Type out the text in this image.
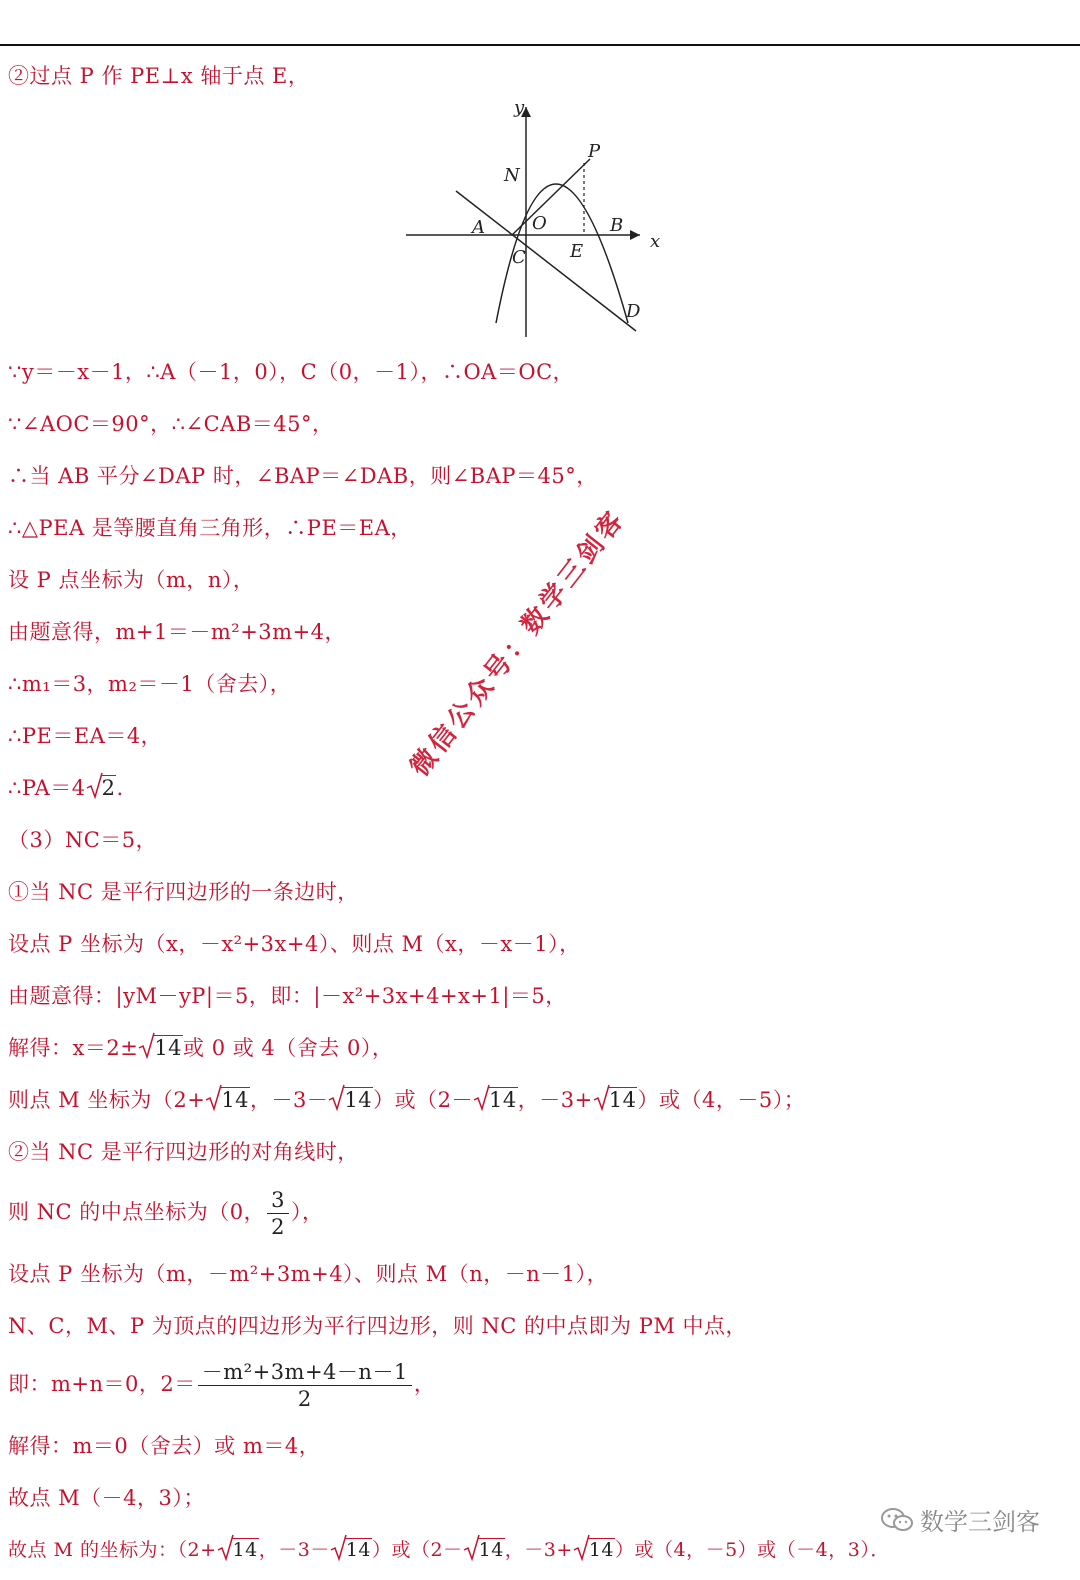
②过点 P 作 PE⊥x 轴于点 E，
y
x
N
P
A	O	B
C E
D
∵y＝－x－1，∴A（－1，0），C（0，－1），∴OA＝OC，
∵∠AOC＝90°，∴∠CAB＝45°，
∴当 AB 平分∠DAP 时，∠BAP＝∠DAB，则∠BAP＝45°，
∴△PEA 是等腰直角三角形，∴PE＝EA，
设 P 点坐标为（m，n），
由题意得，m+1＝－m²+3m+4，
∴m₁＝3，m₂＝－1（舍去），
∴PE＝EA＝4，
∴PA＝4 2.
（3）NC＝5，
①当 NC 是平行四边形的一条边时，
设点 P 坐标为（x，－x²+3x+4）、则点 M（x，－x－1），
由题意得：|yM－yP|＝5，即：|－x²+3x+4+x+1|＝5，
解得：x＝2± 14或 0 或 4（舍去 0），
则点 M 坐标为（2+ 14，－3－ 14）或（2－ 14，－3+ 14）或（4，－5）；
②当 NC 是平行四边形的对角线时，
则 NC 的中点坐标为（0， $\frac{3}{2}$ ），
设点 P 坐标为（m，－m²+3m+4）、则点 M（n，－n－1），
N、C，M、P 为顶点的四边形为平行四边形，则 NC 的中点即为 PM 中点，
即：m+n＝0，$2= \frac{\text{－m²+3m+4－n－1}}{2}$ ，
解得：m＝0（舍去）或 m＝4，
故点 M（－4，3）；
故点 M 的坐标为：（2+ 14，－3－ 14）或（2－ 14，－3+ 14）或（4，－5）或（－4，3）．
微信公众号：数学三剑客
数学三剑客
